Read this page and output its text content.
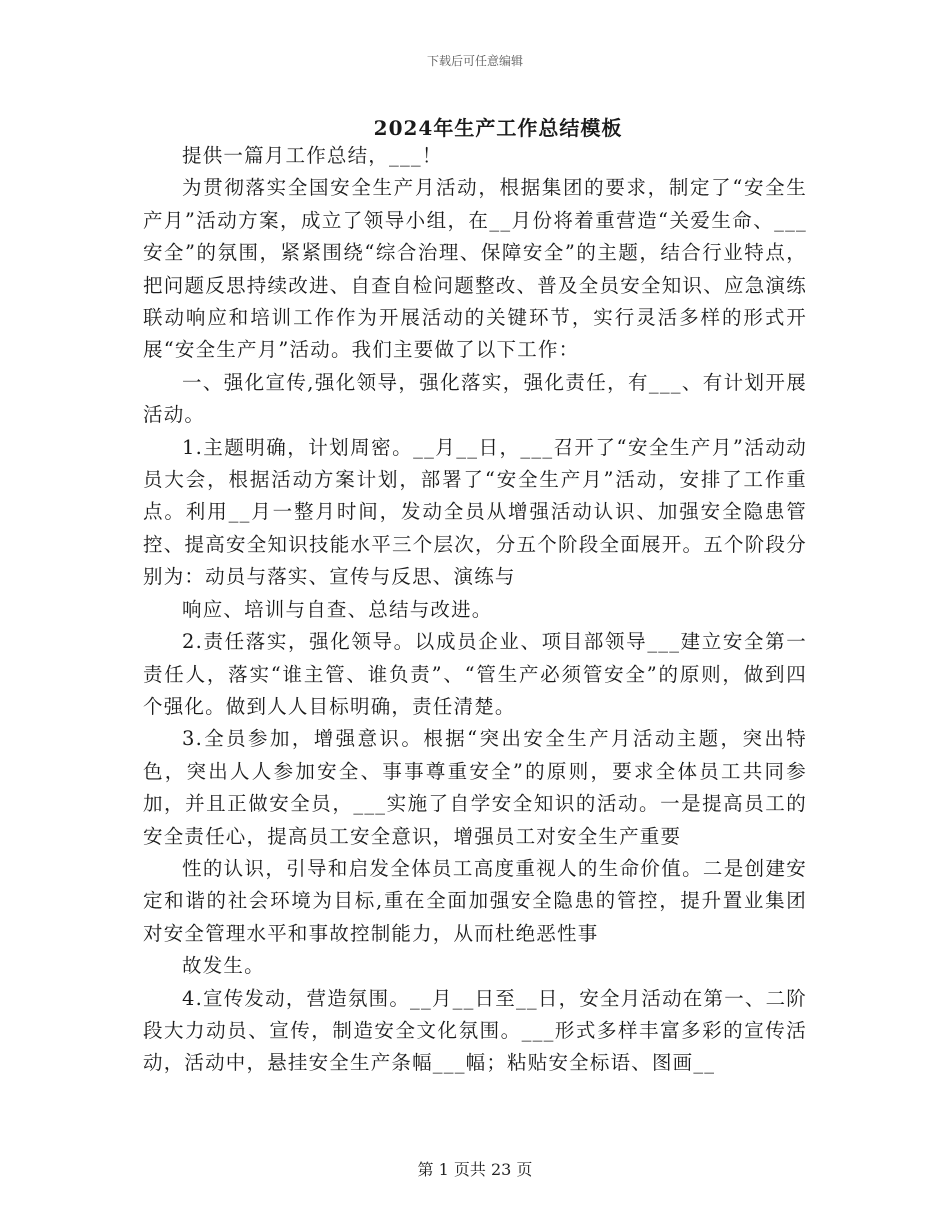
下载后可任意编辑
2024年生产工作总结模板

提供一篇月工作总结，___！

为贯彻落实全国安全生产月活动，根据集团的要求，制定了“安全生产月”活动方案，成立了领导小组，在__月份将着重营造“关爱生命、___安全”的氛围，紧紧围绕“综合治理、保障安全”的主题，结合行业特点，把问题反思持续改进、自查自检问题整改、普及全员安全知识、应急演练联动响应和培训工作作为开展活动的关键环节，实行灵活多样的形式开展“安全生产月”活动。我们主要做了以下工作：

一、强化宣传,强化领导，强化落实，强化责任，有___、有计划开展活动。

1.主题明确，计划周密。__月__日，___召开了“安全生产月”活动动员大会，根据活动方案计划，部署了“安全生产月”活动，安排了工作重点。利用__月一整月时间，发动全员从增强活动认识、加强安全隐患管控、提高安全知识技能水平三个层次，分五个阶段全面展开。五个阶段分别为：动员与落实、宣传与反思、演练与

响应、培训与自查、总结与改进。

2.责任落实，强化领导。以成员企业、项目部领导___建立安全第一责任人，落实“谁主管、谁负责”、“管生产必须管安全”的原则，做到四个强化。做到人人目标明确，责任清楚。

3.全员参加，增强意识。根据“突出安全生产月活动主题，突出特色，突出人人参加安全、事事尊重安全”的原则，要求全体员工共同参加，并且正做安全员，___实施了自学安全知识的活动。一是提高员工的安全责任心，提高员工安全意识，增强员工对安全生产重要

性的认识，引导和启发全体员工高度重视人的生命价值。二是创建安定和谐的社会环境为目标,重在全面加强安全隐患的管控，提升置业集团对安全管理水平和事故控制能力，从而杜绝恶性事

故发生。

4.宣传发动，营造氛围。__月__日至__日，安全月活动在第一、二阶段大力动员、宣传，制造安全文化氛围。___形式多样丰富多彩的宣传活动，活动中，悬挂安全生产条幅___幅；粘贴安全标语、图画__

第 1 页共 23 页
